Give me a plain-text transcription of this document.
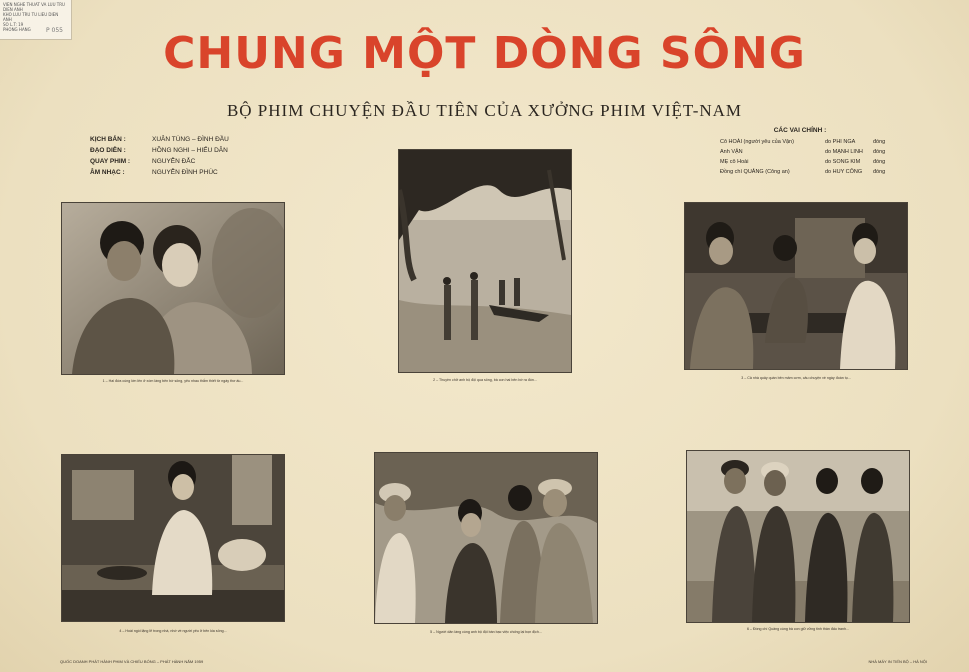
VIEN NGHE THUAT VA LUU TRU
DIEN ANH
KHO LUU TRU TU LIEU DIEN ANH
SO L.T: 19
PHONG HANG	P 055	CHUNG MỘT DÒNG SÔNG
BỘ PHIM CHUYỆN ĐẦU TIÊN CỦA XƯỞNG PHIM VIỆT-NAM
KỊCH BẢN :	XUÂN TÙNG – ĐÌNH ĐẦU
ĐẠO DIỄN :	HỒNG NGHI – HIẾU DÂN
QUAY PHIM :	NGUYỄN ĐẮC
ÂM NHẠC :	NGUYỄN ĐÌNH PHÚC
CÁC VAI CHÍNH :
Cô HOÀI (người yêu của Vận)	do PHI NGA	đóng
Anh VẬN	do MẠNH LINH	đóng
MẸ cô Hoài	do SONG KIM	đóng
Đồng chí QUẢNG (Công an)	do HUY CÔNG	đóng
1 – Hai đứa cùng lớn lên ở xóm làng bên bờ sông, yêu nhau thắm thiết từ ngày thơ ấu...	2 – Thuyền chở anh bộ đội qua sông, bà con hai bên bờ ra đón...	3 – Cả nhà quây quần bên mâm cơm, câu chuyện về ngày đoàn tụ...
4 – Hoài ngồi lặng lẽ trong nhà, nhớ về người yêu ở bên kia sông...	5 – Người dân làng cùng anh bộ đội bàn bạc việc chống lại bọn địch...
6 – Đồng chí Quảng cùng bà con giữ vững tinh thần đấu tranh...
QUỐC DOANH PHÁT HÀNH PHIM VÀ CHIẾU BÓNG – PHÁT HÀNH NĂM 1959	NHÀ MÁY IN TIẾN BỘ – HÀ NỘI
